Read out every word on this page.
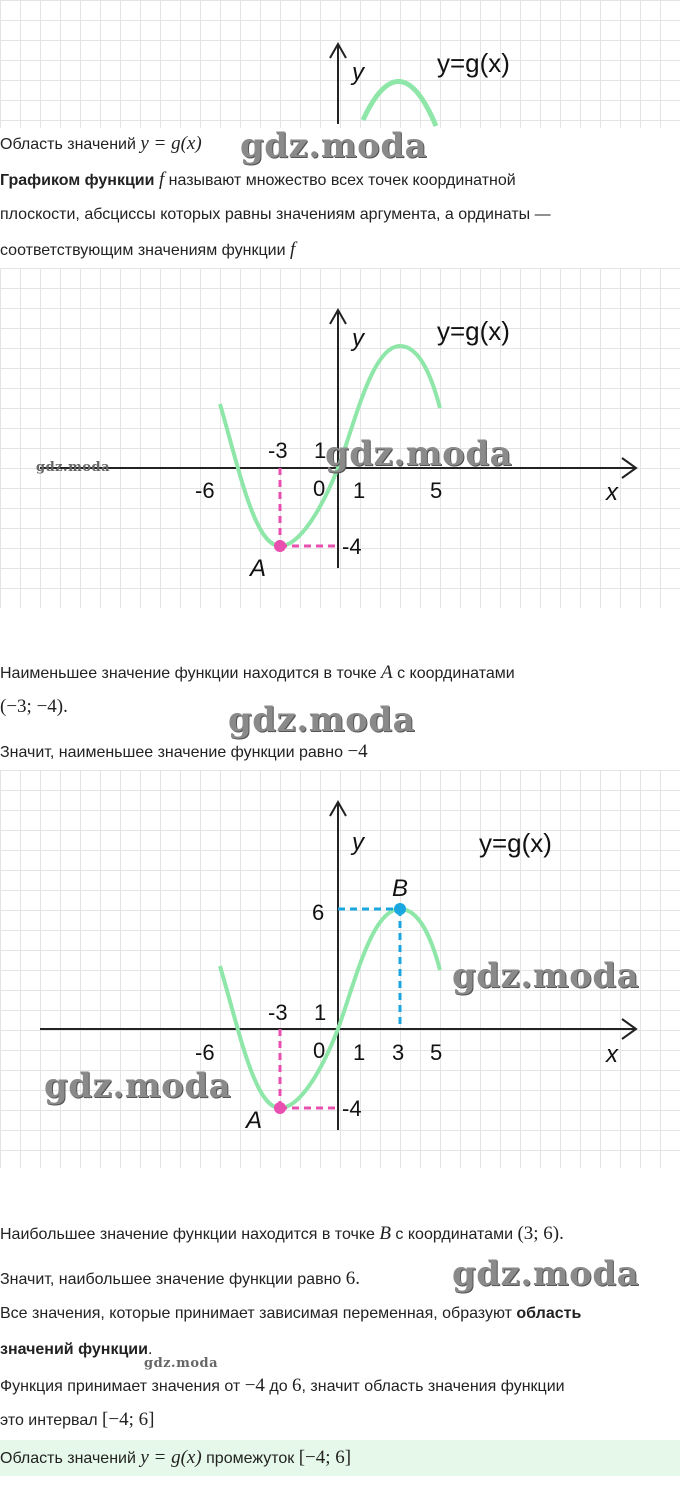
y	y=g(x)
Область значений y = g(x) gdz.moda
Графиком функции f называют множество всех точек координатной
плоскости, абсциссы которых равны значениям аргумента, а ординаты —
соответствующим значениям функции f
y
x
y=g(x)
-3 1
-6	0 1	5
-4
A
gdz.moda
gdz.moda
Наименьшее значение функции находится в точке A с координатами
(−3; −4).	gdz.moda
Значит, наименьшее значение функции равно −4
y
x
y=g(x)
6
B
-3 1
-6	0 1 3 5
-4
A
gdz.moda
gdz.moda
Наибольшее значение функции находится в точке B с координатами (3; 6).
Значит, наибольшее значение функции равно 6.	gdz.moda
Все значения, которые принимает зависимая переменная, образуют область
значений функции.
gdz.moda
Функция принимает значения от −4 до 6, значит область значения функции
это интервал [−4; 6]
Область значений y = g(x) промежуток [−4; 6]
